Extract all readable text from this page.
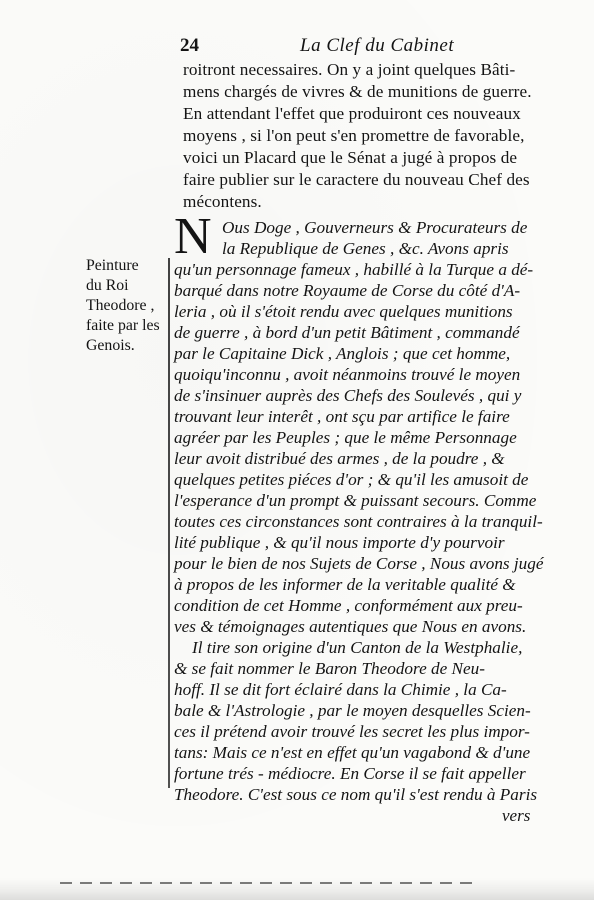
24	La Clef du Cabinet
roitront necessaires. On y a joint quelques Bâti-
mens chargés de vivres & de munitions de guerre.
En attendant l'effet que produiront ces nouveaux
moyens , si l'on peut s'en promettre de favorable,
voici un Placard que le Sénat a jugé à propos de
faire publier sur le caractere du nouveau Chef des
mécontens.
Peinture
du Roi
Theodore ,
faite par les
Genois.
N Ous Doge , Gouverneurs & Procurateurs de
la Republique de Genes , &c. Avons apris
qu'un personnage fameux , habillé à la Turque a dé-
barqué dans notre Royaume de Corse du côté d'A-
leria , où il s'étoit rendu avec quelques munitions
de guerre , à bord d'un petit Bâtiment , commandé
par le Capitaine Dick , Anglois ; que cet homme,
quoiqu'inconnu , avoit néanmoins trouvé le moyen
de s'insinuer auprès des Chefs des Soulevés , qui y
trouvant leur interêt , ont sçu par artifice le faire
agréer par les Peuples ; que le même Personnage
leur avoit distribué des armes , de la poudre , &
quelques petites piéces d'or ; & qu'il les amusoit de
l'esperance d'un prompt & puissant secours. Comme
toutes ces circonstances sont contraires à la tranquil-
lité publique , & qu'il nous importe d'y pourvoir
pour le bien de nos Sujets de Corse , Nous avons jugé
à propos de les informer de la veritable qualité &
condition de cet Homme , conformément aux preu-
ves & témoignages autentiques que Nous en avons.
Il tire son origine d'un Canton de la Westphalie,
& se fait nommer le Baron Theodore de Neu-
hoff. Il se dit fort éclairé dans la Chimie , la Ca-
bale & l'Astrologie , par le moyen desquelles Scien-
ces il prétend avoir trouvé les secret les plus impor-
tans: Mais ce n'est en effet qu'un vagabond & d'une
fortune trés - médiocre. En Corse il se fait appeller
Theodore. C'est sous ce nom qu'il s'est rendu à Paris
vers
